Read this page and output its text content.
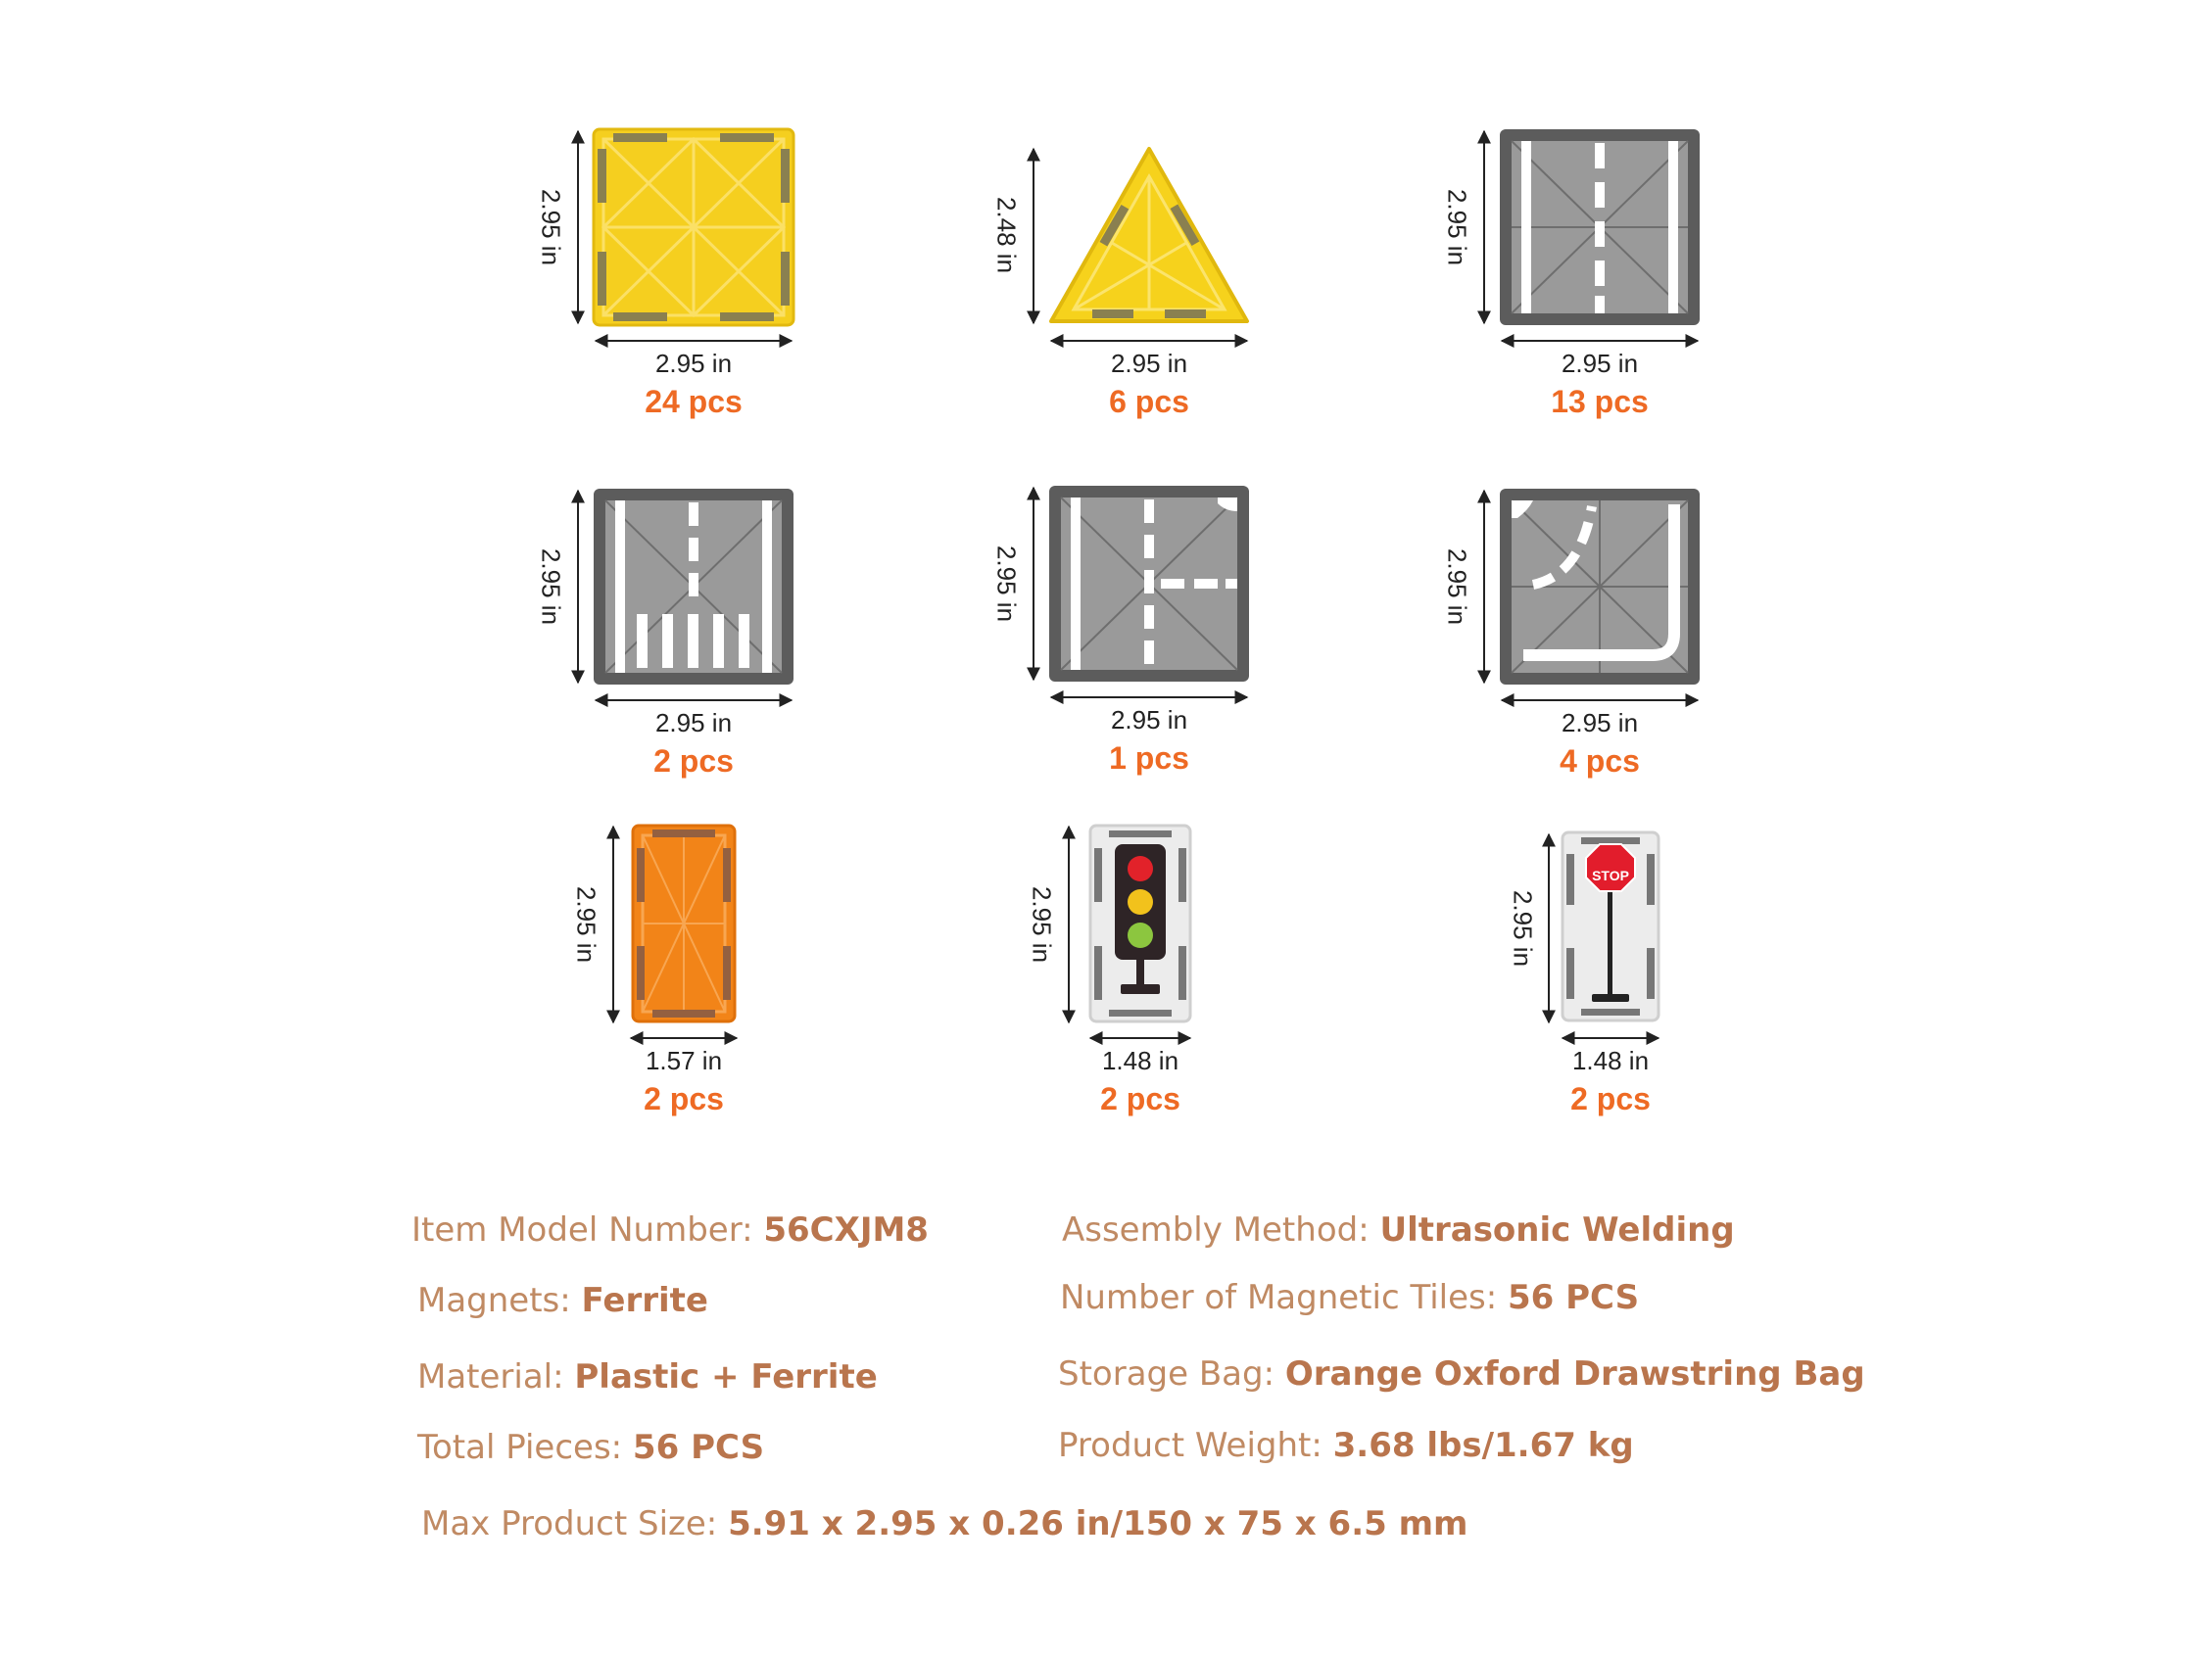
2.95 in
2.95 in
24 pcs
2.48 in
2.95 in
6 pcs
2.95 in
2.95 in
13 pcs
2.95 in
2.95 in
2 pcs
2.95 in
2.95 in
1 pcs
2.95 in
2.95 in
4 pcs
2.95 in
1.57 in
2 pcs
2.95 in
1.48 in
2 pcs
STOP
2.95 in
1.48 in
2 pcs
Item Model Number: 56CXJM8	Assembly Method: Ultrasonic Welding
Magnets: Ferrite	Number of Magnetic Tiles: 56 PCS
Material: Plastic + Ferrite	Storage Bag: Orange Oxford Drawstring Bag
Total Pieces: 56 PCS	Product Weight: 3.68 lbs/1.67 kg
Max Product Size: 5.91 x 2.95 x 0.26 in/150 x 75 x 6.5 mm
